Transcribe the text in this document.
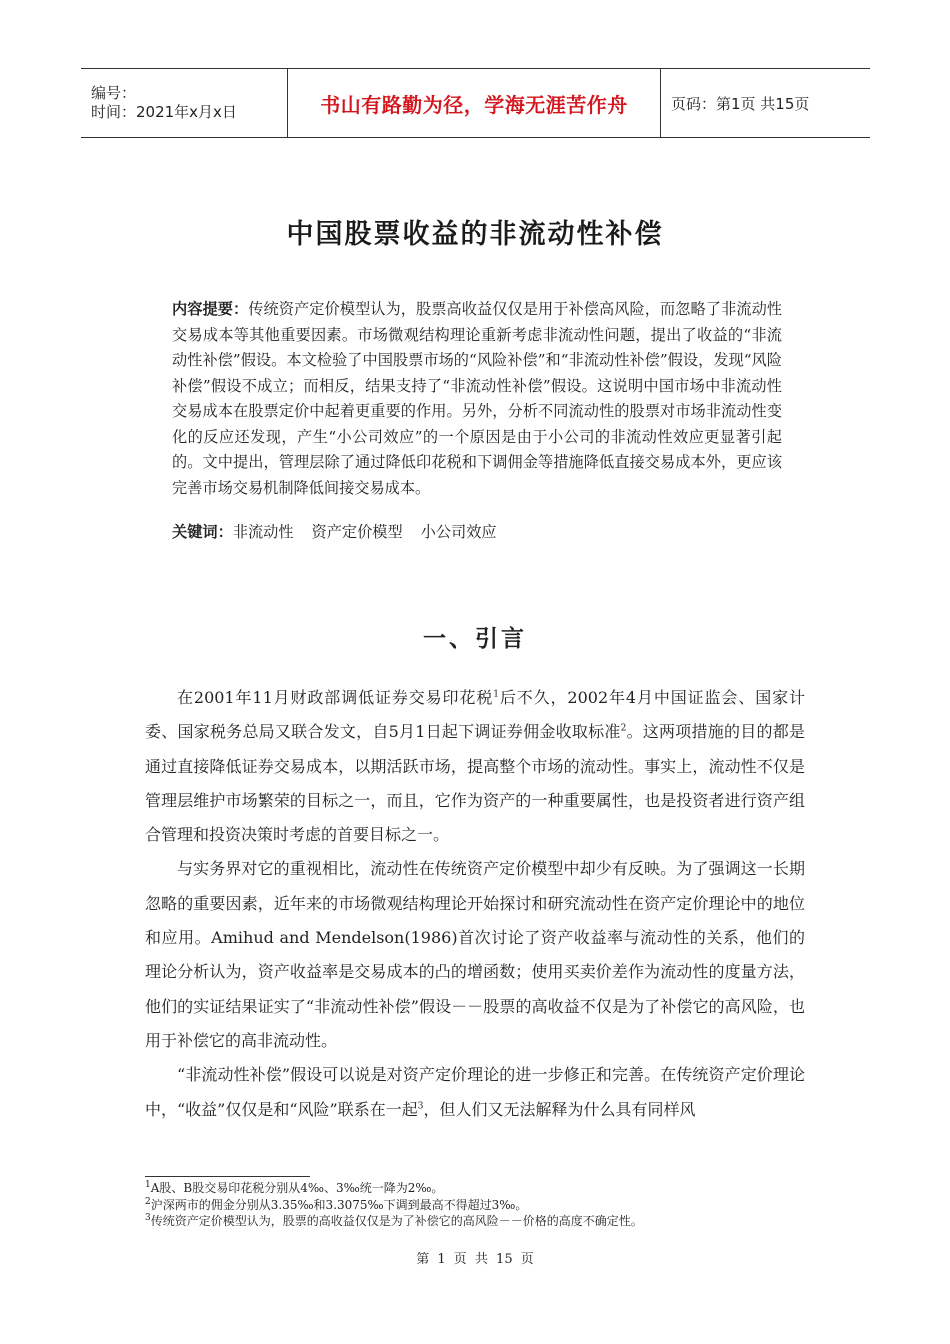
编号：
时间：2021年x月x日	书山有路勤为径，学海无涯苦作舟	页码：第1页 共15页
中国股票收益的非流动性补偿

内容提要：传统资产定价模型认为，股票高收益仅仅是用于补偿高风险，而忽略了非流动性交易成本等其他重要因素。市场微观结构理论重新考虑非流动性问题，提出了收益的“非流动性补偿”假设。本文检验了中国股票市场的“风险补偿”和“非流动性补偿”假设，发现“风险补偿”假设不成立；而相反，结果支持了“非流动性补偿”假设。这说明中国市场中非流动性交易成本在股票定价中起着更重要的作用。另外，分析不同流动性的股票对市场非流动性变化的反应还发现，产生“小公司效应”的一个原因是由于小公司的非流动性效应更显著引起的。文中提出，管理层除了通过降低印花税和下调佣金等措施降低直接交易成本外，更应该完善市场交易机制降低间接交易成本。

关键词：非流动性 资产定价模型 小公司效应

一、引言

在2001年11月财政部调低证券交易印花税$^1$后不久，2002年4月中国证监会、国家计委、国家税务总局又联合发文，自5月1日起下调证券佣金收取标准$^2$。这两项措施的目的都是通过直接降低证券交易成本，以期活跃市场，提高整个市场的流动性。事实上，流动性不仅是管理层维护市场繁荣的目标之一，而且，它作为资产的一种重要属性，也是投资者进行资产组合管理和投资决策时考虑的首要目标之一。

与实务界对它的重视相比，流动性在传统资产定价模型中却少有反映。为了强调这一长期忽略的重要因素，近年来的市场微观结构理论开始探讨和研究流动性在资产定价理论中的地位和应用。Amihud and Mendelson(1986)首次讨论了资产收益率与流动性的关系，他们的理论分析认为，资产收益率是交易成本的凸的增函数；使用买卖价差作为流动性的度量方法，他们的实证结果证实了“非流动性补偿”假设－－股票的高收益不仅是为了补偿它的高风险，也用于补偿它的高非流动性。

“非流动性补偿”假设可以说是对资产定价理论的进一步修正和完善。在传统资产定价理论中，“收益”仅仅是和“风险”联系在一起$^3$，但人们又无法解释为什么具有同样风

$^1$A股、B股交易印花税分别从4‰、3‰统一降为2‰。
$^2$沪深两市的佣金分别从3.35‰和3.3075‰下调到最高不得超过3‰。
$^3$传统资产定价模型认为，股票的高收益仅仅是为了补偿它的高风险－－价格的高度不确定性。
第 1 页 共 15 页
